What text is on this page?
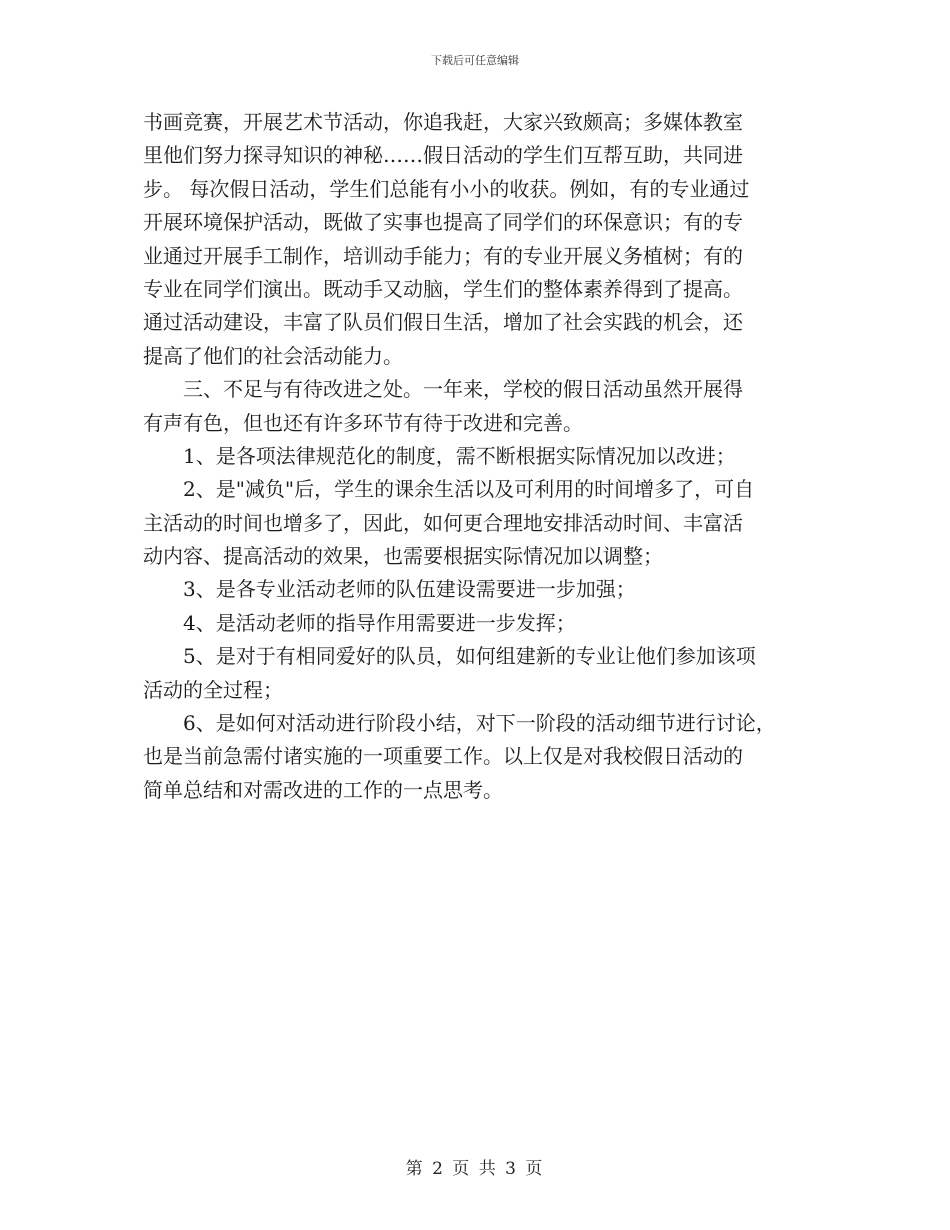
下载后可任意编辑
书画竞赛，开展艺术节活动，你追我赶，大家兴致颇高；多媒体教室
里他们努力探寻知识的神秘……假日活动的学生们互帮互助，共同进
步。 每次假日活动，学生们总能有小小的收获。例如，有的专业通过
开展环境保护活动，既做了实事也提高了同学们的环保意识；有的专
业通过开展手工制作，培训动手能力；有的专业开展义务植树；有的
专业在同学们演出。既动手又动脑，学生们的整体素养得到了提高。
通过活动建设，丰富了队员们假日生活，增加了社会实践的机会，还
提高了他们的社会活动能力。
三、不足与有待改进之处。一年来，学校的假日活动虽然开展得
有声有色，但也还有许多环节有待于改进和完善。
1、是各项法律规范化的制度，需不断根据实际情况加以改进；
2、是"减负"后，学生的课余生活以及可利用的时间增多了，可自
主活动的时间也增多了，因此，如何更合理地安排活动时间、丰富活
动内容、提高活动的效果，也需要根据实际情况加以调整；
3、是各专业活动老师的队伍建设需要进一步加强；
4、是活动老师的指导作用需要进一步发挥；
5、是对于有相同爱好的队员，如何组建新的专业让他们参加该项
活动的全过程；
6、是如何对活动进行阶段小结，对下一阶段的活动细节进行讨论，
也是当前急需付诸实施的一项重要工作。以上仅是对我校假日活动的
简单总结和对需改进的工作的一点思考。
第 2 页 共 3 页
